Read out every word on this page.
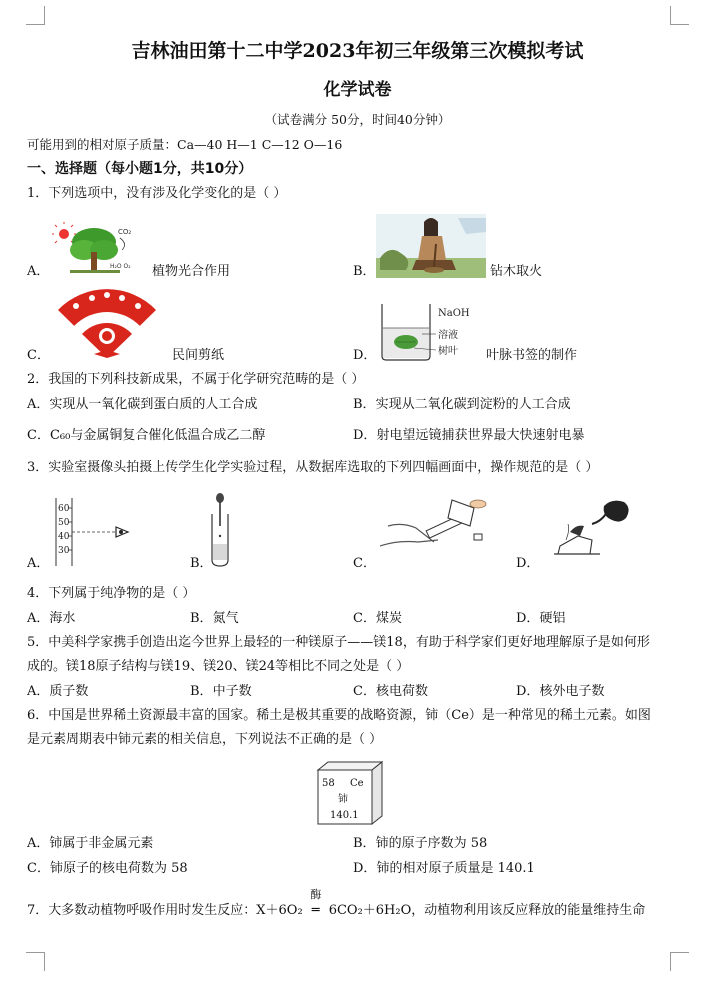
吉林油田第十二中学2023年初三年级第三次模拟考试
化学试卷
（试卷满分 50分，时间40分钟）
可能用到的相对原子质量：Ca—40 H—1 C—12 O—16
一、选择题（每小题1分，共10分）
1．下列选项中，没有涉及化学变化的是（ ）
CO₂
H₂O O₂
A．	植物光合作用	B．	钻木取火
C．	民间剪纸
NaOH
溶液
树叶
D．	叶脉书签的制作
2．我国的下列科技新成果，不属于化学研究范畴的是（ ）
A．实现从一氧化碳到蛋白质的人工合成	B．实现从二氧化碳到淀粉的人工合成
C．C₆₀与金属铜复合催化低温合成乙二醇	D．射电望远镜捕获世界最大快速射电暴
3．实验室摄像头拍摄上传学生化学实验过程，从数据库选取的下列四幅画面中，操作规范的是（ ）
60
50
40
30
A．	B．	C．	D．
4．下列属于纯净物的是（ ）
A．海水	B．氮气	C．煤炭	D．硬铝
5．中美科学家携手创造出迄今世界上最轻的一种镁原子——镁18，有助于科学家们更好地理解原子是如何形
成的。镁18原子结构与镁19、镁20、镁24等相比不同之处是（ ）
A．质子数	B．中子数	C．核电荷数	D．核外电子数
6．中国是世界稀土资源最丰富的国家。稀土是极其重要的战略资源，铈（Ce）是一种常见的稀土元素。如图
是元素周期表中铈元素的相关信息，下列说法不正确的是（ ）
58 Ce
铈
140.1
A．铈属于非金属元素	B．铈的原子序数为 58
C．铈原子的核电荷数为 58	D．铈的相对原子质量是 140.1
7．大多数动植物呼吸作用时发生反应：X＋6O₂
酶
═ 6CO₂＋6H₂O，动植物利用该反应释放的能量维持生命
